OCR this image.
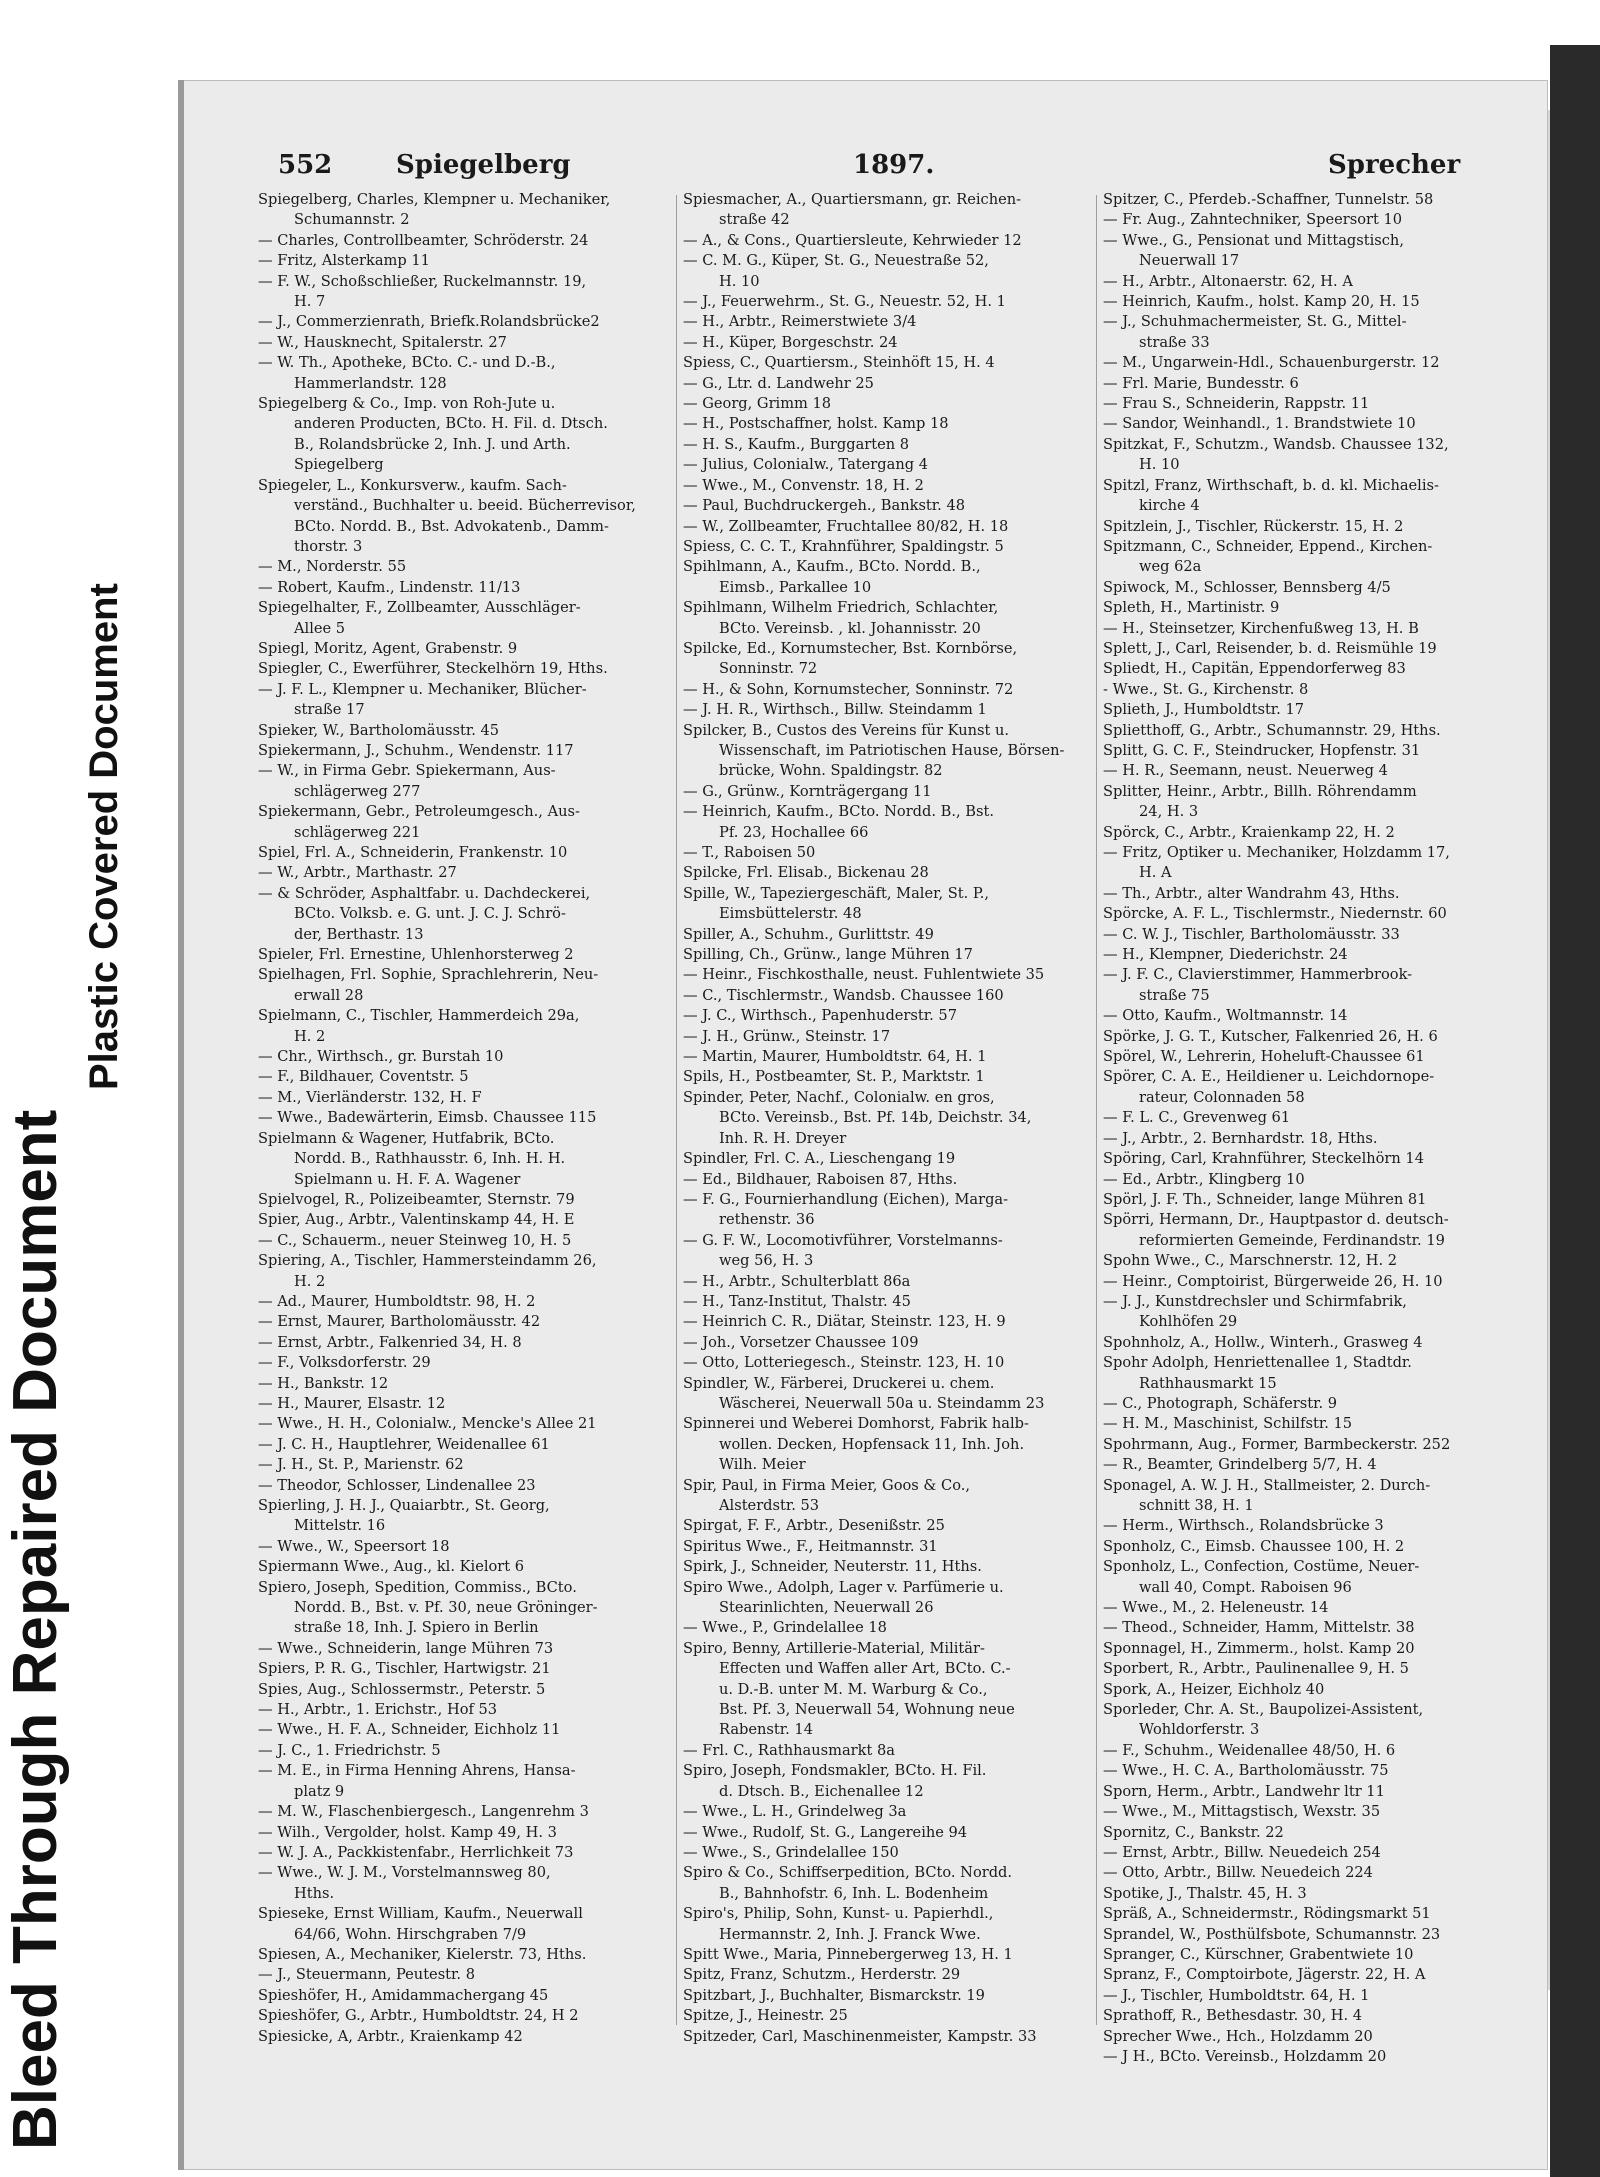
Bleed Through Repaired Document
Plastic Covered Document
552 Spiegelberg	1897.	Sprecher
Spiegelberg, Charles, Klempner u. Mechaniker,
Schumannstr. 2
— Charles, Controllbeamter, Schröderstr. 24
— Fritz, Alsterkamp 11
— F. W., Schoßschließer, Ruckelmannstr. 19,
H. 7
— J., Commerzienrath, Briefk.Rolandsbrücke2
— W., Hausknecht, Spitalerstr. 27
— W. Th., Apotheke, BCto. C.- und D.-B.,
Hammerlandstr. 128
Spiegelberg & Co., Imp. von Roh-Jute u.
anderen Producten, BCto. H. Fil. d. Dtsch.
B., Rolandsbrücke 2, Inh. J. und Arth.
Spiegelberg
Spiegeler, L., Konkursverw., kaufm. Sach-
verständ., Buchhalter u. beeid. Bücherrevisor,
BCto. Nordd. B., Bst. Advokatenb., Damm-
thorstr. 3
— M., Norderstr. 55
— Robert, Kaufm., Lindenstr. 11/13
Spiegelhalter, F., Zollbeamter, Ausschläger-
Allee 5
Spiegl, Moritz, Agent, Grabenstr. 9
Spiegler, C., Ewerführer, Steckelhörn 19, Hths.
— J. F. L., Klempner u. Mechaniker, Blücher-
straße 17
Spieker, W., Bartholomäusstr. 45
Spiekermann, J., Schuhm., Wendenstr. 117
— W., in Firma Gebr. Spiekermann, Aus-
schlägerweg 277
Spiekermann, Gebr., Petroleumgesch., Aus-
schlägerweg 221
Spiel, Frl. A., Schneiderin, Frankenstr. 10
— W., Arbtr., Marthastr. 27
— & Schröder, Asphaltfabr. u. Dachdeckerei,
BCto. Volksb. e. G. unt. J. C. J. Schrö-
der, Berthastr. 13
Spieler, Frl. Ernestine, Uhlenhorsterweg 2
Spielhagen, Frl. Sophie, Sprachlehrerin, Neu-
erwall 28
Spielmann, C., Tischler, Hammerdeich 29a,
H. 2
— Chr., Wirthsch., gr. Burstah 10
— F., Bildhauer, Coventstr. 5
— M., Vierländerstr. 132, H. F
— Wwe., Badewärterin, Eimsb. Chaussee 115
Spielmann & Wagener, Hutfabrik, BCto.
Nordd. B., Rathhausstr. 6, Inh. H. H.
Spielmann u. H. F. A. Wagener
Spielvogel, R., Polizeibeamter, Sternstr. 79
Spier, Aug., Arbtr., Valentinskamp 44, H. E
— C., Schauerm., neuer Steinweg 10, H. 5
Spiering, A., Tischler, Hammersteindamm 26,
H. 2
— Ad., Maurer, Humboldtstr. 98, H. 2
— Ernst, Maurer, Bartholomäusstr. 42
— Ernst, Arbtr., Falkenried 34, H. 8
— F., Volksdorferstr. 29
— H., Bankstr. 12
— H., Maurer, Elsastr. 12
— Wwe., H. H., Colonialw., Mencke's Allee 21
— J. C. H., Hauptlehrer, Weidenallee 61
— J. H., St. P., Marienstr. 62
— Theodor, Schlosser, Lindenallee 23
Spierling, J. H. J., Quaiarbtr., St. Georg,
Mittelstr. 16
— Wwe., W., Speersort 18
Spiermann Wwe., Aug., kl. Kielort 6
Spiero, Joseph, Spedition, Commiss., BCto.
Nordd. B., Bst. v. Pf. 30, neue Gröninger-
straße 18, Inh. J. Spiero in Berlin
— Wwe., Schneiderin, lange Mühren 73
Spiers, P. R. G., Tischler, Hartwigstr. 21
Spies, Aug., Schlossermstr., Peterstr. 5
— H., Arbtr., 1. Erichstr., Hof 53
— Wwe., H. F. A., Schneider, Eichholz 11
— J. C., 1. Friedrichstr. 5
— M. E., in Firma Henning Ahrens, Hansa-
platz 9
— M. W., Flaschenbiergesch., Langenrehm 3
— Wilh., Vergolder, holst. Kamp 49, H. 3
— W. J. A., Packkistenfabr., Herrlichkeit 73
— Wwe., W. J. M., Vorstelmannsweg 80,
Hths.
Spieseke, Ernst William, Kaufm., Neuerwall
64/66, Wohn. Hirschgraben 7/9
Spiesen, A., Mechaniker, Kielerstr. 73, Hths.
— J., Steuermann, Peutestr. 8
Spieshöfer, H., Amidammachergang 45
Spieshöfer, G., Arbtr., Humboldtstr. 24, H 2
Spiesicke, A, Arbtr., Kraienkamp 42
Spiesmacher, A., Quartiersmann, gr. Reichen-
straße 42
— A., & Cons., Quartiersleute, Kehrwieder 12
— C. M. G., Küper, St. G., Neuestraße 52,
H. 10
— J., Feuerwehrm., St. G., Neuestr. 52, H. 1
— H., Arbtr., Reimerstwiete 3/4
— H., Küper, Borgeschstr. 24
Spiess, C., Quartiersm., Steinhöft 15, H. 4
— G., Ltr. d. Landwehr 25
— Georg, Grimm 18
— H., Postschaffner, holst. Kamp 18
— H. S., Kaufm., Burggarten 8
— Julius, Colonialw., Tatergang 4
— Wwe., M., Convenstr. 18, H. 2
— Paul, Buchdruckergeh., Bankstr. 48
— W., Zollbeamter, Fruchtallee 80/82, H. 18
Spiess, C. C. T., Krahnführer, Spaldingstr. 5
Spihlmann, A., Kaufm., BCto. Nordd. B.,
Eimsb., Parkallee 10
Spihlmann, Wilhelm Friedrich, Schlachter,
BCto. Vereinsb. , kl. Johannisstr. 20
Spilcke, Ed., Kornumstecher, Bst. Kornbörse,
Sonninstr. 72
— H., & Sohn, Kornumstecher, Sonninstr. 72
— J. H. R., Wirthsch., Billw. Steindamm 1
Spilcker, B., Custos des Vereins für Kunst u.
Wissenschaft, im Patriotischen Hause, Börsen-
brücke, Wohn. Spaldingstr. 82
— G., Grünw., Kornträgergang 11
— Heinrich, Kaufm., BCto. Nordd. B., Bst.
Pf. 23, Hochallee 66
— T., Raboisen 50
Spilcke, Frl. Elisab., Bickenau 28
Spille, W., Tapeziergeschäft, Maler, St. P.,
Eimsbüttelerstr. 48
Spiller, A., Schuhm., Gurlittstr. 49
Spilling, Ch., Grünw., lange Mühren 17
— Heinr., Fischkosthalle, neust. Fuhlentwiete 35
— C., Tischlermstr., Wandsb. Chaussee 160
— J. C., Wirthsch., Papenhuderstr. 57
— J. H., Grünw., Steinstr. 17
— Martin, Maurer, Humboldtstr. 64, H. 1
Spils, H., Postbeamter, St. P., Marktstr. 1
Spinder, Peter, Nachf., Colonialw. en gros,
BCto. Vereinsb., Bst. Pf. 14b, Deichstr. 34,
Inh. R. H. Dreyer
Spindler, Frl. C. A., Lieschengang 19
— Ed., Bildhauer, Raboisen 87, Hths.
— F. G., Fournierhandlung (Eichen), Marga-
rethenstr. 36
— G. F. W., Locomotivführer, Vorstelmanns-
weg 56, H. 3
— H., Arbtr., Schulterblatt 86a
— H., Tanz-Institut, Thalstr. 45
— Heinrich C. R., Diätar, Steinstr. 123, H. 9
— Joh., Vorsetzer Chaussee 109
— Otto, Lotteriegesch., Steinstr. 123, H. 10
Spindler, W., Färberei, Druckerei u. chem.
Wäscherei, Neuerwall 50a u. Steindamm 23
Spinnerei und Weberei Domhorst, Fabrik halb-
wollen. Decken, Hopfensack 11, Inh. Joh.
Wilh. Meier
Spir, Paul, in Firma Meier, Goos & Co.,
Alsterdstr. 53
Spirgat, F. F., Arbtr., Desenißstr. 25
Spiritus Wwe., F., Heitmannstr. 31
Spirk, J., Schneider, Neuterstr. 11, Hths.
Spiro Wwe., Adolph, Lager v. Parfümerie u.
Stearinlichten, Neuerwall 26
— Wwe., P., Grindelallee 18
Spiro, Benny, Artillerie-Material, Militär-
Effecten und Waffen aller Art, BCto. C.-
u. D.-B. unter M. M. Warburg & Co.,
Bst. Pf. 3, Neuerwall 54, Wohnung neue
Rabenstr. 14
— Frl. C., Rathhausmarkt 8a
Spiro, Joseph, Fondsmakler, BCto. H. Fil.
d. Dtsch. B., Eichenallee 12
— Wwe., L. H., Grindelweg 3a
— Wwe., Rudolf, St. G., Langereihe 94
— Wwe., S., Grindelallee 150
Spiro & Co., Schiffserpedition, BCto. Nordd.
B., Bahnhofstr. 6, Inh. L. Bodenheim
Spiro's, Philip, Sohn, Kunst- u. Papierhdl.,
Hermannstr. 2, Inh. J. Franck Wwe.
Spitt Wwe., Maria, Pinnebergerweg 13, H. 1
Spitz, Franz, Schutzm., Herderstr. 29
Spitzbart, J., Buchhalter, Bismarckstr. 19
Spitze, J., Heinestr. 25
Spitzeder, Carl, Maschinenmeister, Kampstr. 33
Spitzer, C., Pferdeb.-Schaffner, Tunnelstr. 58
— Fr. Aug., Zahntechniker, Speersort 10
— Wwe., G., Pensionat und Mittagstisch,
Neuerwall 17
— H., Arbtr., Altonaerstr. 62, H. A
— Heinrich, Kaufm., holst. Kamp 20, H. 15
— J., Schuhmachermeister, St. G., Mittel-
straße 33
— M., Ungarwein-Hdl., Schauenburgerstr. 12
— Frl. Marie, Bundesstr. 6
— Frau S., Schneiderin, Rappstr. 11
— Sandor, Weinhandl., 1. Brandstwiete 10
Spitzkat, F., Schutzm., Wandsb. Chaussee 132,
H. 10
Spitzl, Franz, Wirthschaft, b. d. kl. Michaelis-
kirche 4
Spitzlein, J., Tischler, Rückerstr. 15, H. 2
Spitzmann, C., Schneider, Eppend., Kirchen-
weg 62a
Spiwock, M., Schlosser, Bennsberg 4/5
Spleth, H., Martinistr. 9
— H., Steinsetzer, Kirchenfußweg 13, H. B
Splett, J., Carl, Reisender, b. d. Reismühle 19
Spliedt, H., Capitän, Eppendorferweg 83
- Wwe., St. G., Kirchenstr. 8
Splieth, J., Humboldtstr. 17
Splietthoff, G., Arbtr., Schumannstr. 29, Hths.
Splitt, G. C. F., Steindrucker, Hopfenstr. 31
— H. R., Seemann, neust. Neuerweg 4
Splitter, Heinr., Arbtr., Billh. Röhrendamm
24, H. 3
Spörck, C., Arbtr., Kraienkamp 22, H. 2
— Fritz, Optiker u. Mechaniker, Holzdamm 17,
H. A
— Th., Arbtr., alter Wandrahm 43, Hths.
Spörcke, A. F. L., Tischlermstr., Niedernstr. 60
— C. W. J., Tischler, Bartholomäusstr. 33
— H., Klempner, Diederichstr. 24
— J. F. C., Clavierstimmer, Hammerbrook-
straße 75
— Otto, Kaufm., Woltmannstr. 14
Spörke, J. G. T., Kutscher, Falkenried 26, H. 6
Spörel, W., Lehrerin, Hoheluft-Chaussee 61
Spörer, C. A. E., Heildiener u. Leichdornope-
rateur, Colonnaden 58
— F. L. C., Grevenweg 61
— J., Arbtr., 2. Bernhardstr. 18, Hths.
Spöring, Carl, Krahnführer, Steckelhörn 14
— Ed., Arbtr., Klingberg 10
Spörl, J. F. Th., Schneider, lange Mühren 81
Spörri, Hermann, Dr., Hauptpastor d. deutsch-
reformierten Gemeinde, Ferdinandstr. 19
Spohn Wwe., C., Marschnerstr. 12, H. 2
— Heinr., Comptoirist, Bürgerweide 26, H. 10
— J. J., Kunstdrechsler und Schirmfabrik,
Kohlhöfen 29
Spohnholz, A., Hollw., Winterh., Grasweg 4
Spohr Adolph, Henriettenallee 1, Stadtdr.
Rathhausmarkt 15
— C., Photograph, Schäferstr. 9
— H. M., Maschinist, Schilfstr. 15
Spohrmann, Aug., Former, Barmbeckerstr. 252
— R., Beamter, Grindelberg 5/7, H. 4
Sponagel, A. W. J. H., Stallmeister, 2. Durch-
schnitt 38, H. 1
— Herm., Wirthsch., Rolandsbrücke 3
Sponholz, C., Eimsb. Chaussee 100, H. 2
Sponholz, L., Confection, Costüme, Neuer-
wall 40, Compt. Raboisen 96
— Wwe., M., 2. Heleneustr. 14
— Theod., Schneider, Hamm, Mittelstr. 38
Sponnagel, H., Zimmerm., holst. Kamp 20
Sporbert, R., Arbtr., Paulinenallee 9, H. 5
Spork, A., Heizer, Eichholz 40
Sporleder, Chr. A. St., Baupolizei-Assistent,
Wohldorferstr. 3
— F., Schuhm., Weidenallee 48/50, H. 6
— Wwe., H. C. A., Bartholomäusstr. 75
Sporn, Herm., Arbtr., Landwehr ltr 11
— Wwe., M., Mittagstisch, Wexstr. 35
Spornitz, C., Bankstr. 22
— Ernst, Arbtr., Billw. Neuedeich 254
— Otto, Arbtr., Billw. Neuedeich 224
Spotike, J., Thalstr. 45, H. 3
Spräß, A., Schneidermstr., Rödingsmarkt 51
Sprandel, W., Posthülfsbote, Schumannstr. 23
Spranger, C., Kürschner, Grabentwiete 10
Spranz, F., Comptoirbote, Jägerstr. 22, H. A
— J., Tischler, Humboldtstr. 64, H. 1
Sprathoff, R., Bethesdastr. 30, H. 4
Sprecher Wwe., Hch., Holzdamm 20
— J H., BCto. Vereinsb., Holzdamm 20
